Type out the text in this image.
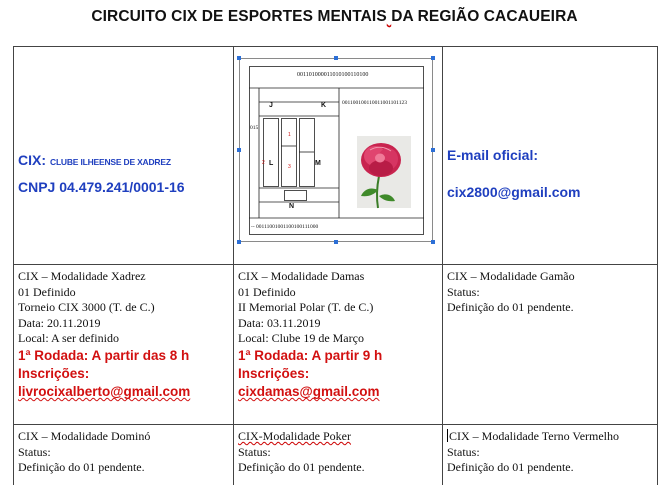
CIRCUITO CIX DE ESPORTES MENTAIS DA REGIÃO CACAUEIRA
CIX: CLUBE ILHEENSE DE XADREZ
CNPJ 04.479.241/0001-16
E-mail oficial:
cix2800@gmail.com
001101000011010100110100
001100100110011001101123
015
-- 00111001001100100111000
J	K
L	M
N
1
2
3
CIX – Modalidade Xadrez
01 Definido
Torneio CIX 3000 (T. de C.)
Data: 20.11.2019
Local: A ser definido
1ª Rodada: A partir das 8 h
Inscrições:
livrocixalberto@gmail.com
CIX – Modalidade Damas
01 Definido
II Memorial Polar (T. de C.)
Data: 03.11.2019
Local: Clube 19 de Março
1ª Rodada: A partir 9 h
Inscrições:
cixdamas@gmail.com
CIX – Modalidade Gamão
Status:
Definição do 01 pendente.
CIX – Modalidade Dominó
Status:
Definição do 01 pendente.
CIX-Modalidade Poker
Status:
Definição do 01 pendente.
CIX – Modalidade Terno Vermelho
Status:
Definição do 01 pendente.
